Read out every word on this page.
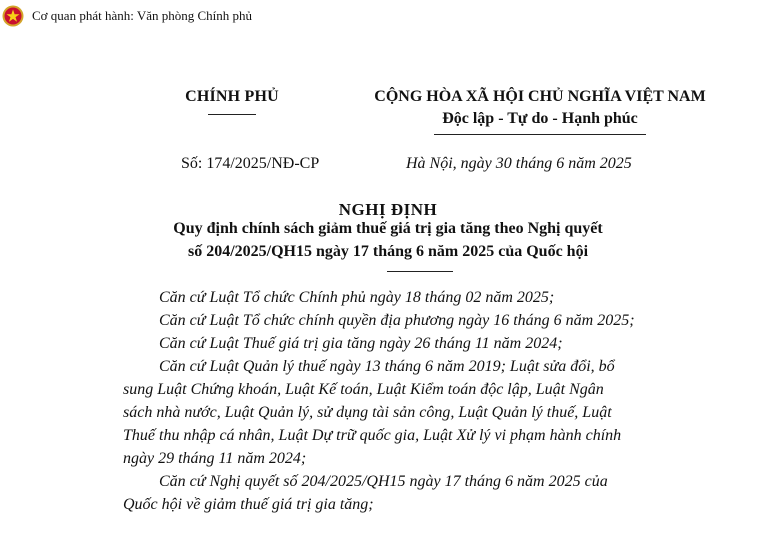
Cơ quan phát hành: Văn phòng Chính phủ
CHÍNH PHỦ	CỘNG HÒA XÃ HỘI CHỦ NGHĨA VIỆT NAM
Độc lập - Tự do - Hạnh phúc
Số: 174/2025/NĐ-CP	Hà Nội, ngày 30 tháng 6 năm 2025
NGHỊ ĐỊNH
Quy định chính sách giảm thuế giá trị gia tăng theo Nghị quyết
số 204/2025/QH15 ngày 17 tháng 6 năm 2025 của Quốc hội
Căn cứ Luật Tổ chức Chính phủ ngày 18 tháng 02 năm 2025;
Căn cứ Luật Tổ chức chính quyền địa phương ngày 16 tháng 6 năm 2025;
Căn cứ Luật Thuế giá trị gia tăng ngày 26 tháng 11 năm 2024;
Căn cứ Luật Quản lý thuế ngày 13 tháng 6 năm 2019; Luật sửa đổi, bổ
sung Luật Chứng khoán, Luật Kế toán, Luật Kiểm toán độc lập, Luật Ngân
sách nhà nước, Luật Quản lý, sử dụng tài sản công, Luật Quản lý thuế, Luật
Thuế thu nhập cá nhân, Luật Dự trữ quốc gia, Luật Xử lý vi phạm hành chính
ngày 29 tháng 11 năm 2024;
Căn cứ Nghị quyết số 204/2025/QH15 ngày 17 tháng 6 năm 2025 của
Quốc hội về giảm thuế giá trị gia tăng;
